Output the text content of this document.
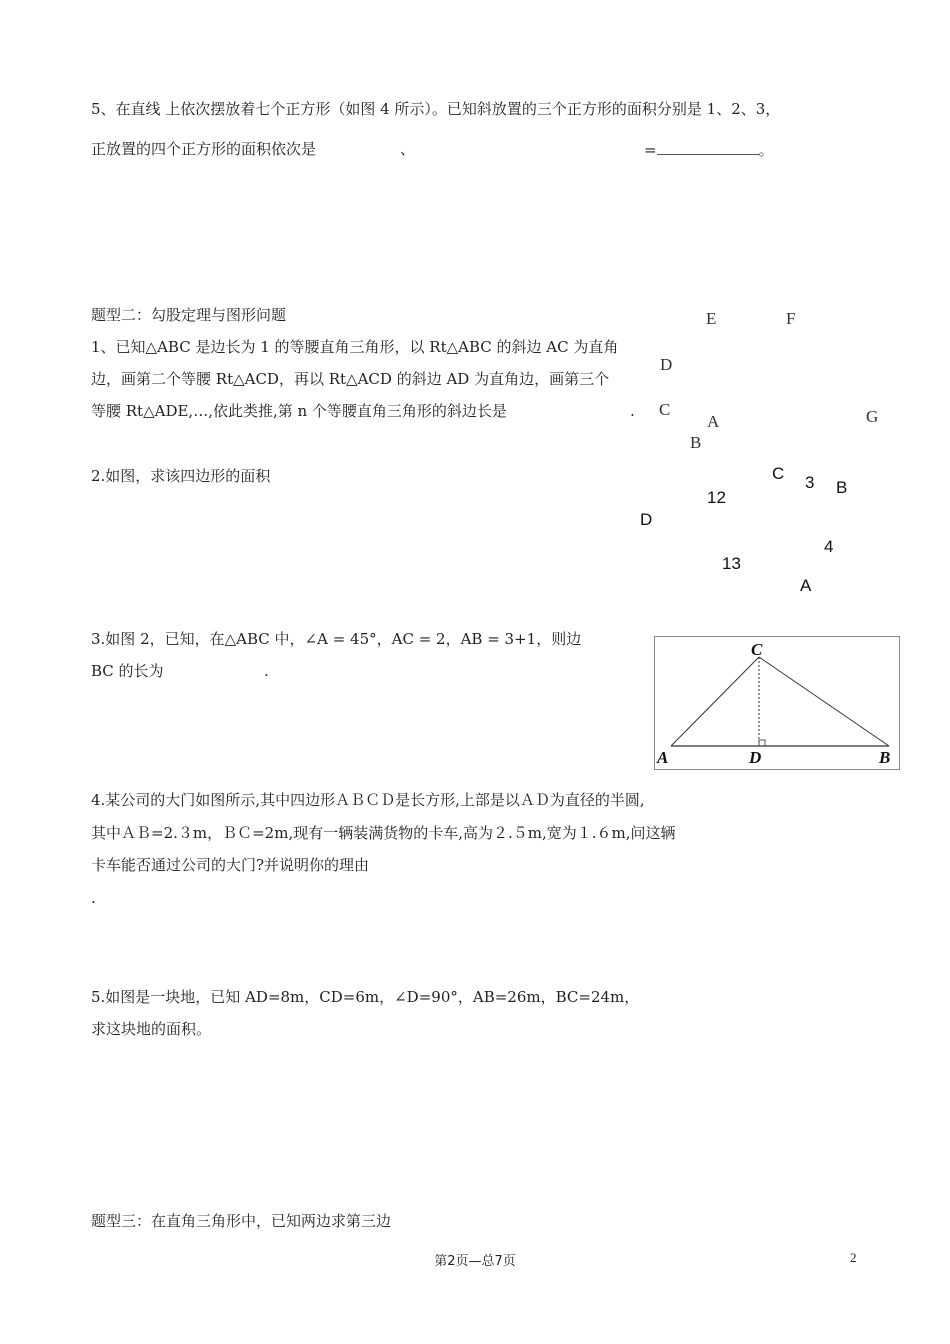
5、在直线 上依次摆放着七个正方形（如图 4 所示）。已知斜放置的三个正方形的面积分别是 1、2、3，
正放置的四个正方形的面积依次是	、	=	。
题型二：勾股定理与图形问题	E	F
D
C
A	G
B
1、已知△ABC 是边长为 1 的等腰直角三角形，以 Rt△ABC 的斜边 AC 为直角
边，画第二个等腰 Rt△ACD，再以 Rt△ACD 的斜边 AD 为直角边，画第三个
等腰 Rt△ADE,…,依此类推,第 n 个等腰直角三角形的斜边长是	.
2.如图，求该四边形的面积	C 3 B
12
D
4
13
A
3.如图 2，已知，在△ABC 中，∠A = 45°，AC = 2，AB = 3+1，则边
BC 的长为	.
C
A	D	B
4.某公司的大门如图所示,其中四边形ＡＢＣＤ是长方形,上部是以ＡＤ为直径的半圆,
其中ＡＢ=2.３m，ＢＣ=2m,现有一辆装满货物的卡车,高为２.５m,宽为１.６m,问这辆
卡车能否通过公司的大门?并说明你的理由
.
5.如图是一块地，已知 AD=8m，CD=6m，∠D=90°，AB=26m，BC=24m，
求这块地的面积。
题型三：在直角三角形中，已知两边求第三边
第2页—总7页	2
